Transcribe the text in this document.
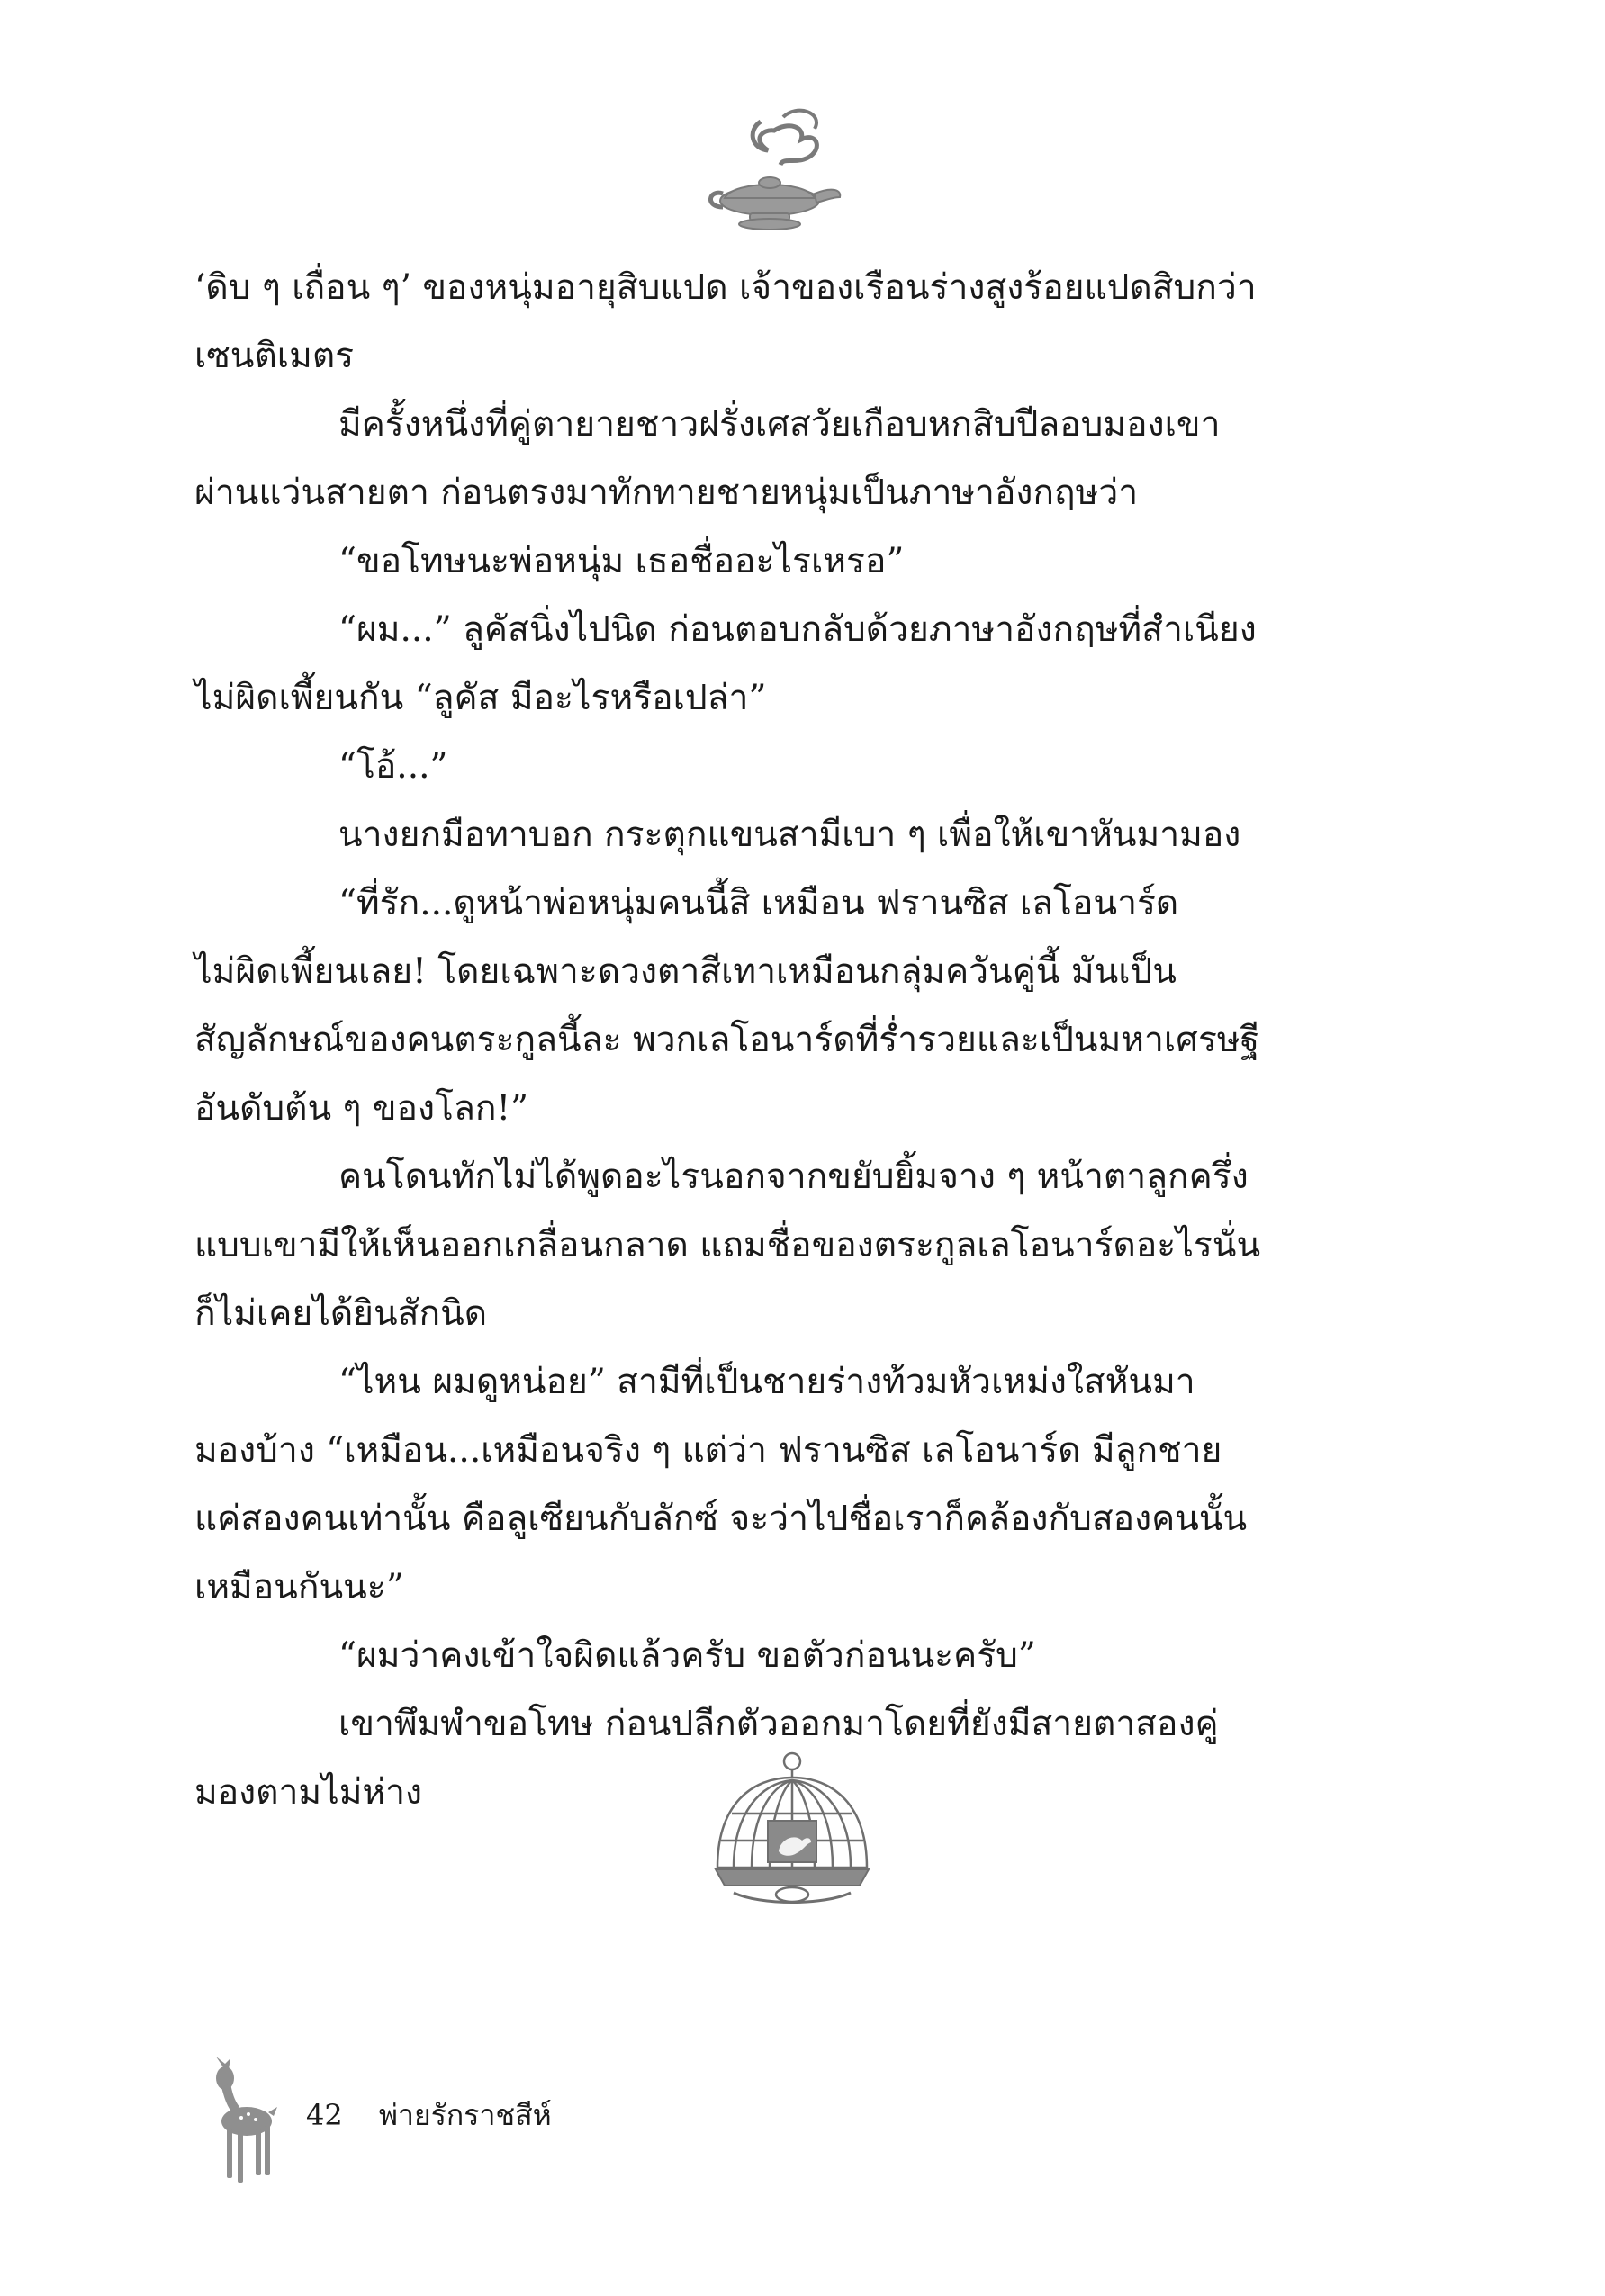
‘ดิบ ๆ เถื่อน ๆ’ ของหนุ่มอายุสิบแปด เจ้าของเรือนร่างสูงร้อยแปดสิบกว่า
เซนติเมตร
มีครั้งหนึ่งที่คู่ตายายชาวฝรั่งเศสวัยเกือบหกสิบปีลอบมองเขา
ผ่านแว่นสายตา ก่อนตรงมาทักทายชายหนุ่มเป็นภาษาอังกฤษว่า
“ขอโทษนะพ่อหนุ่ม เธอชื่ออะไรเหรอ”
“ผม...” ลูคัสนิ่งไปนิด ก่อนตอบกลับด้วยภาษาอังกฤษที่สำเนียง
ไม่ผิดเพี้ยนกัน “ลูคัส มีอะไรหรือเปล่า”
“โอ้...”
นางยกมือทาบอก กระตุกแขนสามีเบา ๆ เพื่อให้เขาหันมามอง
“ที่รัก...ดูหน้าพ่อหนุ่มคนนี้สิ เหมือน ฟรานซิส เลโอนาร์ด
ไม่ผิดเพี้ยนเลย! โดยเฉพาะดวงตาสีเทาเหมือนกลุ่มควันคู่นี้ มันเป็น
สัญลักษณ์ของคนตระกูลนี้ละ พวกเลโอนาร์ดที่ร่ำรวยและเป็นมหาเศรษฐี
อันดับต้น ๆ ของโลก!”
คนโดนทักไม่ได้พูดอะไรนอกจากขยับยิ้มจาง ๆ หน้าตาลูกครึ่ง
แบบเขามีให้เห็นออกเกลื่อนกลาด แถมชื่อของตระกูลเลโอนาร์ดอะไรนั่น
ก็ไม่เคยได้ยินสักนิด
“ไหน ผมดูหน่อย” สามีที่เป็นชายร่างท้วมหัวเหม่งใสหันมา
มองบ้าง “เหมือน...เหมือนจริง ๆ แต่ว่า ฟรานซิส เลโอนาร์ด มีลูกชาย
แค่สองคนเท่านั้น คือลูเซียนกับลักซ์ จะว่าไปชื่อเราก็คล้องกับสองคนนั้น
เหมือนกันนะ”
“ผมว่าคงเข้าใจผิดแล้วครับ ขอตัวก่อนนะครับ”
เขาพึมพำขอโทษ ก่อนปลีกตัวออกมาโดยที่ยังมีสายตาสองคู่
มองตามไม่ห่าง
42 พ่ายรักราชสีห์
